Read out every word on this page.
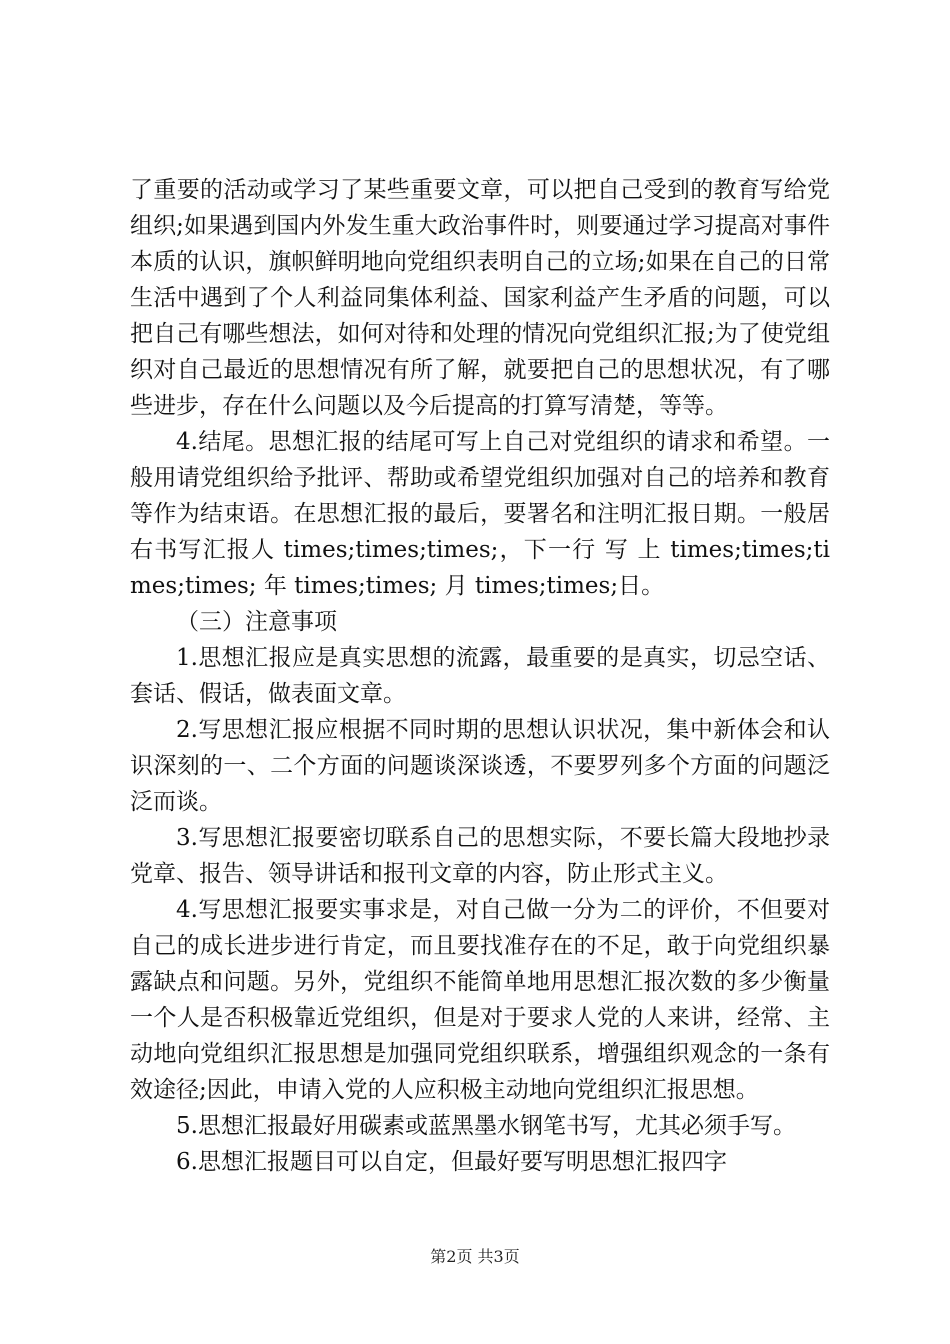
了重要的活动或学习了某些重要文章，可以把自己受到的教育写给党组织;如果遇到国内外发生重大政治事件时，则要通过学习提高对事件本质的认识，旗帜鲜明地向党组织表明自己的立场;如果在自己的日常生活中遇到了个人利益同集体利益、国家利益产生矛盾的问题，可以把自己有哪些想法，如何对待和处理的情况向党组织汇报;为了使党组织对自己最近的思想情况有所了解，就要把自己的思想状况，有了哪些进步，存在什么问题以及今后提高的打算写清楚，等等。

4.结尾。思想汇报的结尾可写上自己对党组织的请求和希望。一般用请党组织给予批评、帮助或希望党组织加强对自己的培养和教育等作为结束语。在思想汇报的最后，要署名和注明汇报日期。一般居右书写汇报人 times;times;times;，下一行 写 上 times;times;times;times; 年 times;times; 月 times;times;日。

（三）注意事项

1.思想汇报应是真实思想的流露，最重要的是真实，切忌空话、套话、假话，做表面文章。

2.写思想汇报应根据不同时期的思想认识状况，集中新体会和认识深刻的一、二个方面的问题谈深谈透，不要罗列多个方面的问题泛泛而谈。

3.写思想汇报要密切联系自己的思想实际，不要长篇大段地抄录党章、报告、领导讲话和报刊文章的内容，防止形式主义。

4.写思想汇报要实事求是，对自己做一分为二的评价，不但要对自己的成长进步进行肯定，而且要找准存在的不足，敢于向党组织暴露缺点和问题。另外，党组织不能简单地用思想汇报次数的多少衡量一个人是否积极靠近党组织，但是对于要求人党的人来讲，经常、主动地向党组织汇报思想是加强同党组织联系，增强组织观念的一条有效途径;因此，申请入党的人应积极主动地向党组织汇报思想。

5.思想汇报最好用碳素或蓝黑墨水钢笔书写，尤其必须手写。

6.思想汇报题目可以自定，但最好要写明思想汇报四字

第2页 共3页
